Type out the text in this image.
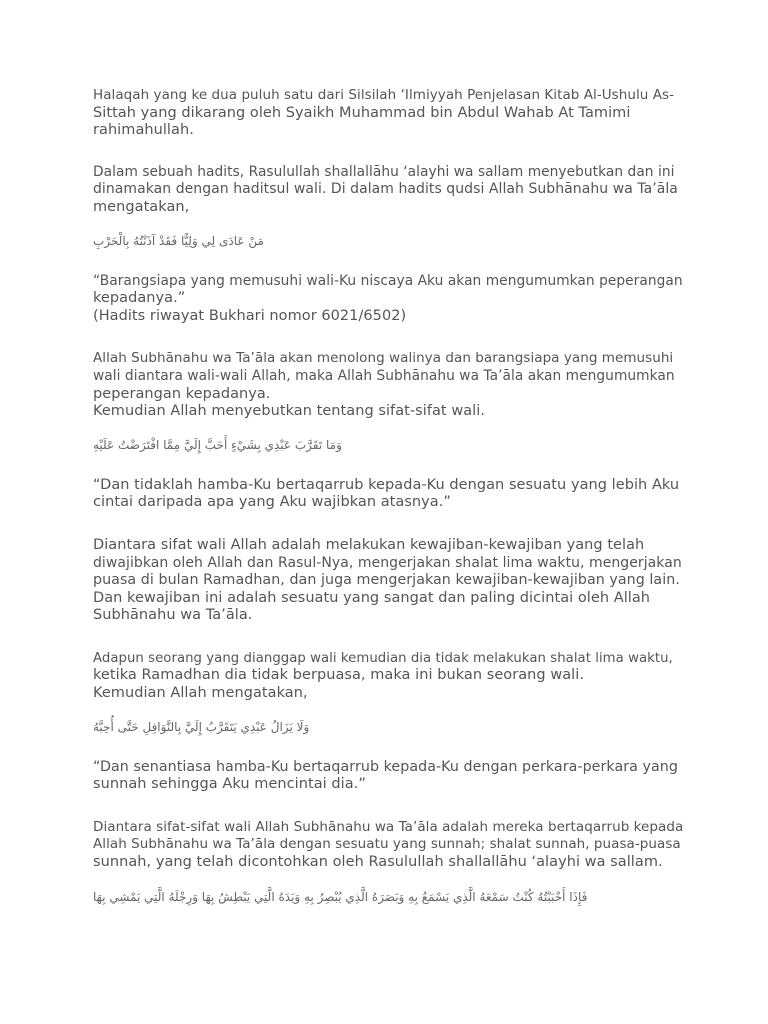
Halaqah yang ke dua puluh satu dari Silsilah ‘Ilmiyyah Penjelasan Kitab Al-Ushulu As-
Sittah yang dikarang oleh Syaikh Muhammad bin Abdul Wahab At Tamimi
rahimahullah.

Dalam sebuah hadits, Rasulullah shallallāhu ‘alayhi wa sallam menyebutkan dan ini
dinamakan dengan haditsul wali. Di dalam hadits qudsi Allah Subhānahu wa Ta’āla
mengatakan,

مَنْ عَادَى لِي وَلِيًّا فَقَدْ آذَنْتُهُ بِالْحَرْبِ

“Barangsiapa yang memusuhi wali-Ku niscaya Aku akan mengumumkan peperangan
kepadanya.”
(Hadits riwayat Bukhari nomor 6021/6502)

Allah Subhānahu wa Ta’āla akan menolong walinya dan barangsiapa yang memusuhi
wali diantara wali-wali Allah, maka Allah Subhānahu wa Ta’āla akan mengumumkan
peperangan kepadanya.
Kemudian Allah menyebutkan tentang sifat-sifat wali.

وَمَا تَقَرَّبَ عَبْدِي بِشَيْءٍ أَحَبَّ إِلَيَّ مِمَّا افْتَرَضْتُ عَلَيْهِ

“Dan tidaklah hamba-Ku bertaqarrub kepada-Ku dengan sesuatu yang lebih Aku
cintai daripada apa yang Aku wajibkan atasnya.”

Diantara sifat wali Allah adalah melakukan kewajiban-kewajiban yang telah
diwajibkan oleh Allah dan Rasul-Nya, mengerjakan shalat lima waktu, mengerjakan
puasa di bulan Ramadhan, dan juga mengerjakan kewajiban-kewajiban yang lain.
Dan kewajiban ini adalah sesuatu yang sangat dan paling dicintai oleh Allah
Subhānahu wa Ta’āla.

Adapun seorang yang dianggap wali kemudian dia tidak melakukan shalat lima waktu,
ketika Ramadhan dia tidak berpuasa, maka ini bukan seorang wali.
Kemudian Allah mengatakan,

وَلَا يَزَالُ عَبْدِي يَتَقَرَّبُ إِلَيَّ بِالنَّوَافِلِ حَتَّى أُحِبَّهُ

“Dan senantiasa hamba-Ku bertaqarrub kepada-Ku dengan perkara-perkara yang
sunnah sehingga Aku mencintai dia.”

Diantara sifat-sifat wali Allah Subhānahu wa Ta’āla adalah mereka bertaqarrub kepada
Allah Subhānahu wa Ta’āla dengan sesuatu yang sunnah; shalat sunnah, puasa-puasa
sunnah, yang telah dicontohkan oleh Rasulullah shallallāhu ‘alayhi wa sallam.

فَإِذَا أَحْبَبْتُهُ كُنْتُ سَمْعَهُ الَّذِي يَسْمَعُ بِهِ وَبَصَرَهُ الَّذِي يُبْصِرُ بِهِ وَيَدَهُ الَّتِي يَبْطِشُ بِهَا وَرِجْلَهُ الَّتِي يَمْشِي بِهَا
